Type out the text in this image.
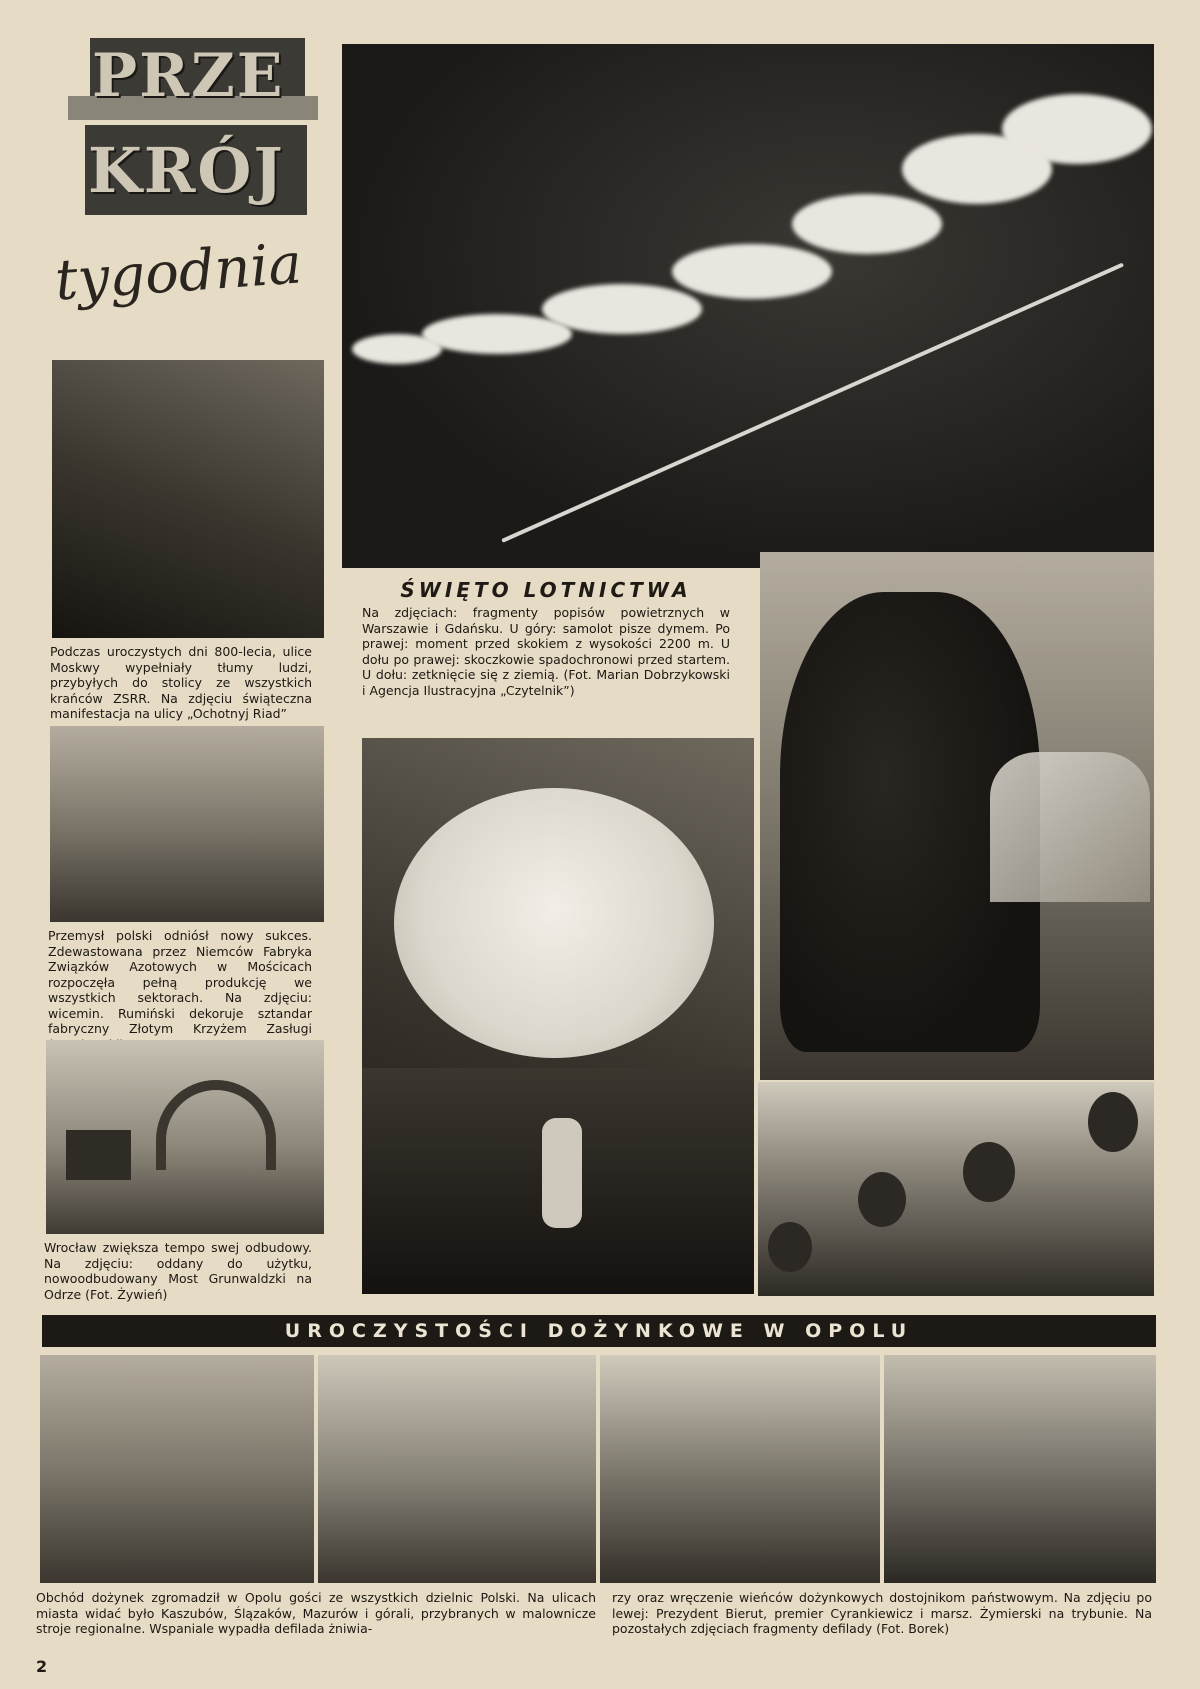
PRZE
KRÓJ
tygodnia
ŚWIĘTO LOTNICTWA
Na zdjęciach: fragmenty popisów powietrznych w Warszawie i Gdańsku. U góry: samolot pisze dymem. Po prawej: moment przed skokiem z wysokości 2200 m. U dołu po prawej: skoczkowie spadochronowi przed startem. U dołu: zetknięcie się z ziemią. (Fot. Marian Dobrzykowski i Agencja Ilustracyjna „Czytelnik”)
Podczas uroczystych dni 800-lecia, ulice Moskwy wypełniały tłumy ludzi, przybyłych do stolicy ze wszystkich krańców ZSRR. Na zdjęciu świąteczna manifestacja na ulicy „Ochotnyj Riad”
Przemysł polski odniósł nowy sukces. Zdewastowana przez Niemców Fabryka Związków Azotowych w Mościcach rozpoczęła pełną produkcję we wszystkich sektorach. Na zdjęciu: wicemin. Rumiński dekoruje sztandar fabryczny Złotym Krzyżem Zasługi
Wrocław zwiększa tempo swej odbudowy. Na zdjęciu: oddany do użytku, nowoodbudowany Most Grunwaldzki na Odrze (Fot. Żywień)
UROCZYSTOŚCI DOŻYNKOWE W OPOLU
Obchód dożynek zgromadził w Opolu gości ze wszystkich dzielnic Polski. Na ulicach miasta widać było Kaszubów, Ślązaków, Mazurów i górali, przybranych w malownicze stroje regionalne. Wspaniale wypadła defilada żniwia-
rzy oraz wręczenie wieńców dożynkowych dostojnikom państwowym. Na zdjęciu po lewej: Prezydent Bierut, premier Cyrankiewicz i marsz. Żymierski na trybunie. Na pozostałych zdjęciach fragmenty defilady (Fot. Borek)
2
